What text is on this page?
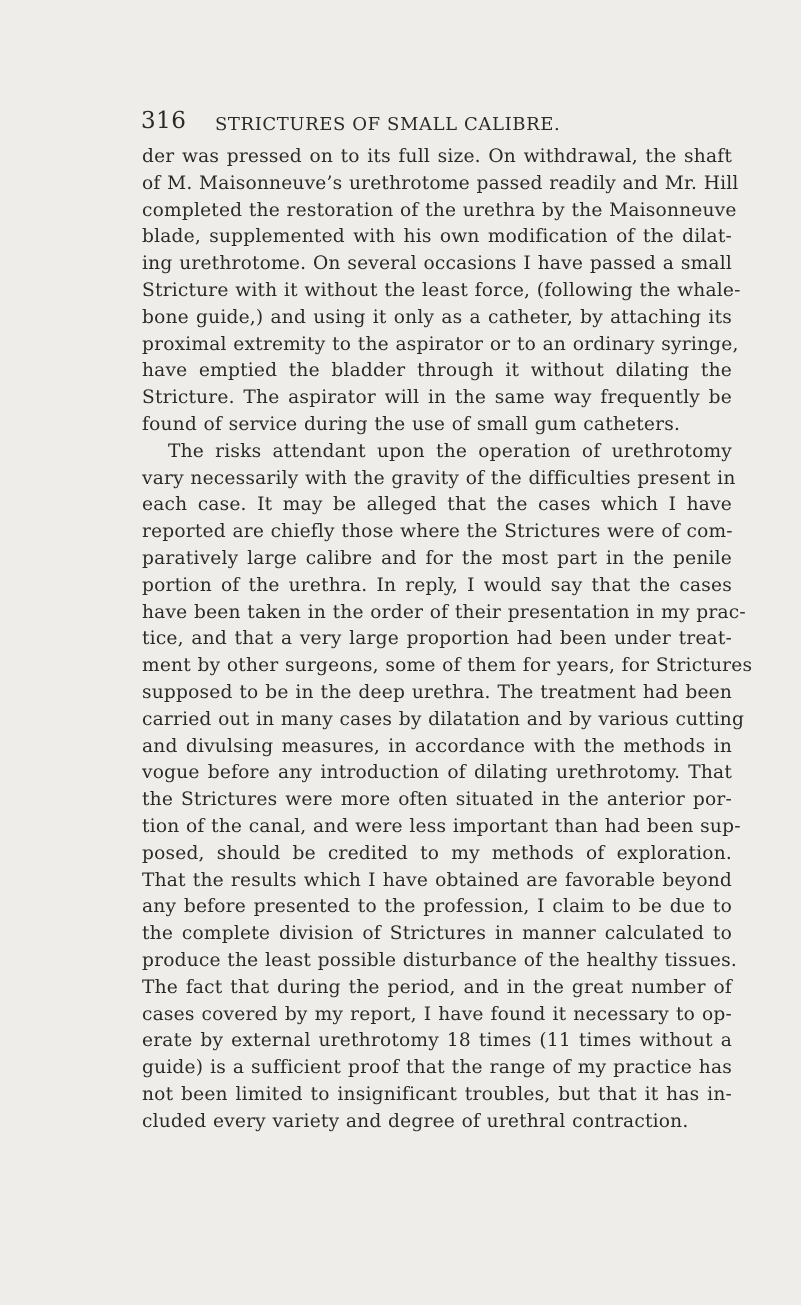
316 STRICTURES OF SMALL CALIBRE.
der was pressed on to its full size. On withdrawal, the shaft
of M. Maisonneuve’s urethrotome passed readily and Mr. Hill
completed the restoration of the urethra by the Maisonneuve
blade, supplemented with his own modification of the dilat-
ing urethrotome. On several occasions I have passed a small
Stricture with it without the least force, (following the whale-
bone guide,) and using it only as a catheter, by attaching its
proximal extremity to the aspirator or to an ordinary syringe,
have emptied the bladder through it without dilating the
Stricture. The aspirator will in the same way frequently be
found of service during the use of small gum catheters.
The risks attendant upon the operation of urethrotomy
vary necessarily with the gravity of the difficulties present in
each case. It may be alleged that the cases which I have
reported are chiefly those where the Strictures were of com-
paratively large calibre and for the most part in the penile
portion of the urethra. In reply, I would say that the cases
have been taken in the order of their presentation in my prac-
tice, and that a very large proportion had been under treat-
ment by other surgeons, some of them for years, for Strictures
supposed to be in the deep urethra. The treatment had been
carried out in many cases by dilatation and by various cutting
and divulsing measures, in accordance with the methods in
vogue before any introduction of dilating urethrotomy. That
the Strictures were more often situated in the anterior por-
tion of the canal, and were less important than had been sup-
posed, should be credited to my methods of exploration.
That the results which I have obtained are favorable beyond
any before presented to the profession, I claim to be due to
the complete division of Strictures in manner calculated to
produce the least possible disturbance of the healthy tissues.
The fact that during the period, and in the great number of
cases covered by my report, I have found it necessary to op-
erate by external urethrotomy 18 times (11 times without a
guide) is a sufficient proof that the range of my practice has
not been limited to insignificant troubles, but that it has in-
cluded every variety and degree of urethral contraction.
